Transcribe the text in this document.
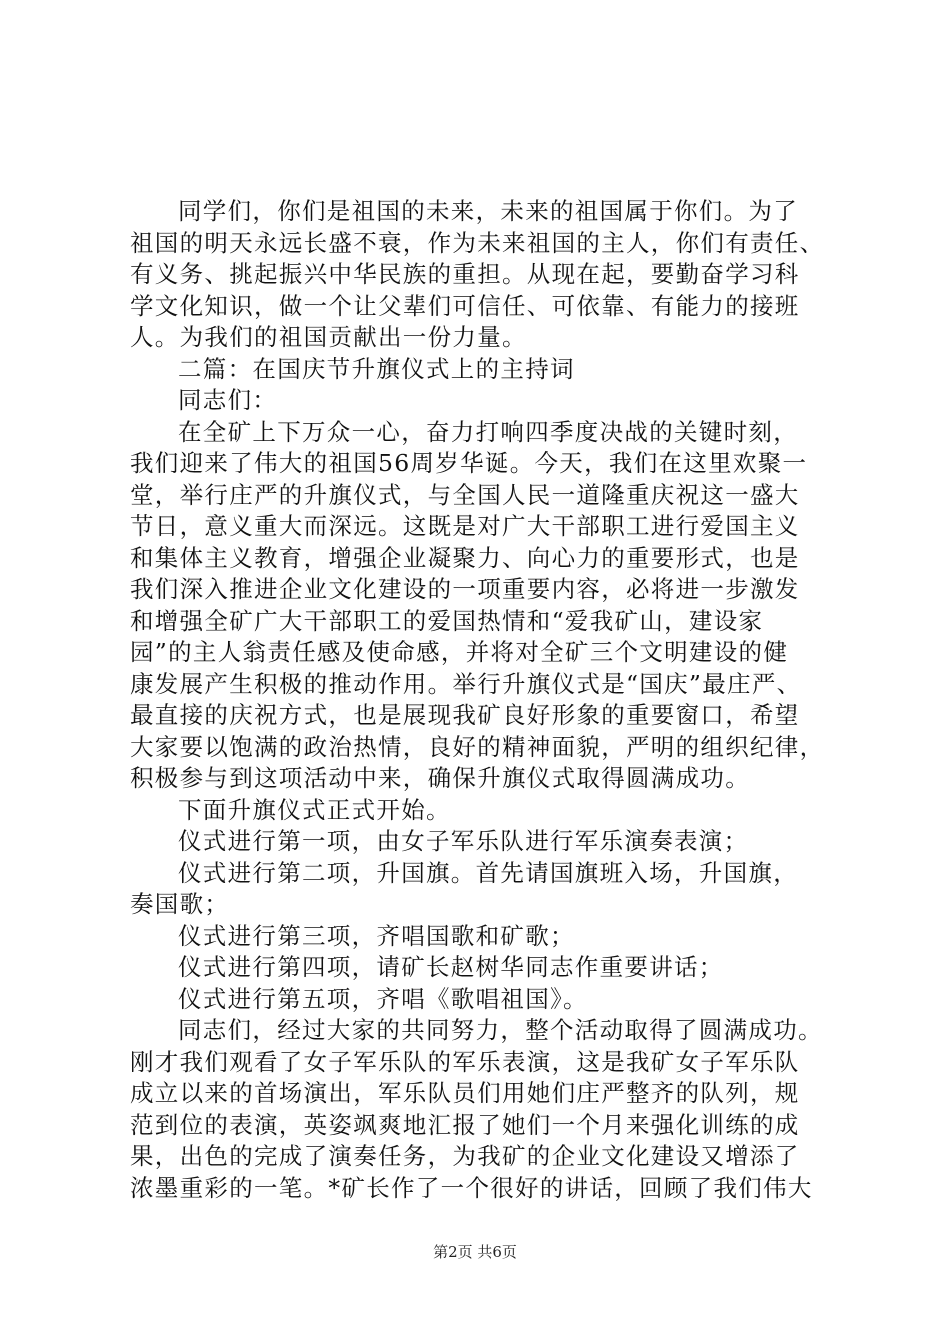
同学们，你们是祖国的未来，未来的祖国属于你们。为了
祖国的明天永远长盛不衰，作为未来祖国的主人，你们有责任、
有义务、挑起振兴中华民族的重担。从现在起，要勤奋学习科
学文化知识，做一个让父辈们可信任、可依靠、有能力的接班
人。为我们的祖国贡献出一份力量。
二篇：在国庆节升旗仪式上的主持词
同志们：
在全矿上下万众一心，奋力打响四季度决战的关键时刻，
我们迎来了伟大的祖国56周岁华诞。今天，我们在这里欢聚一
堂，举行庄严的升旗仪式，与全国人民一道隆重庆祝这一盛大
节日，意义重大而深远。这既是对广大干部职工进行爱国主义
和集体主义教育，增强企业凝聚力、向心力的重要形式，也是
我们深入推进企业文化建设的一项重要内容，必将进一步激发
和增强全矿广大干部职工的爱国热情和“爱我矿山，建设家
园”的主人翁责任感及使命感，并将对全矿三个文明建设的健
康发展产生积极的推动作用。举行升旗仪式是“国庆”最庄严、
最直接的庆祝方式，也是展现我矿良好形象的重要窗口，希望
大家要以饱满的政治热情，良好的精神面貌，严明的组织纪律，
积极参与到这项活动中来，确保升旗仪式取得圆满成功。
下面升旗仪式正式开始。
仪式进行第一项，由女子军乐队进行军乐演奏表演；
仪式进行第二项，升国旗。首先请国旗班入场，升国旗，
奏国歌；
仪式进行第三项，齐唱国歌和矿歌；
仪式进行第四项，请矿长赵树华同志作重要讲话；
仪式进行第五项，齐唱《歌唱祖国》。
同志们，经过大家的共同努力，整个活动取得了圆满成功。
刚才我们观看了女子军乐队的军乐表演，这是我矿女子军乐队
成立以来的首场演出，军乐队员们用她们庄严整齐的队列，规
范到位的表演，英姿飒爽地汇报了她们一个月来强化训练的成
果，出色的完成了演奏任务，为我矿的企业文化建设又增添了
浓墨重彩的一笔。*矿长作了一个很好的讲话，回顾了我们伟大
第2页 共6页
